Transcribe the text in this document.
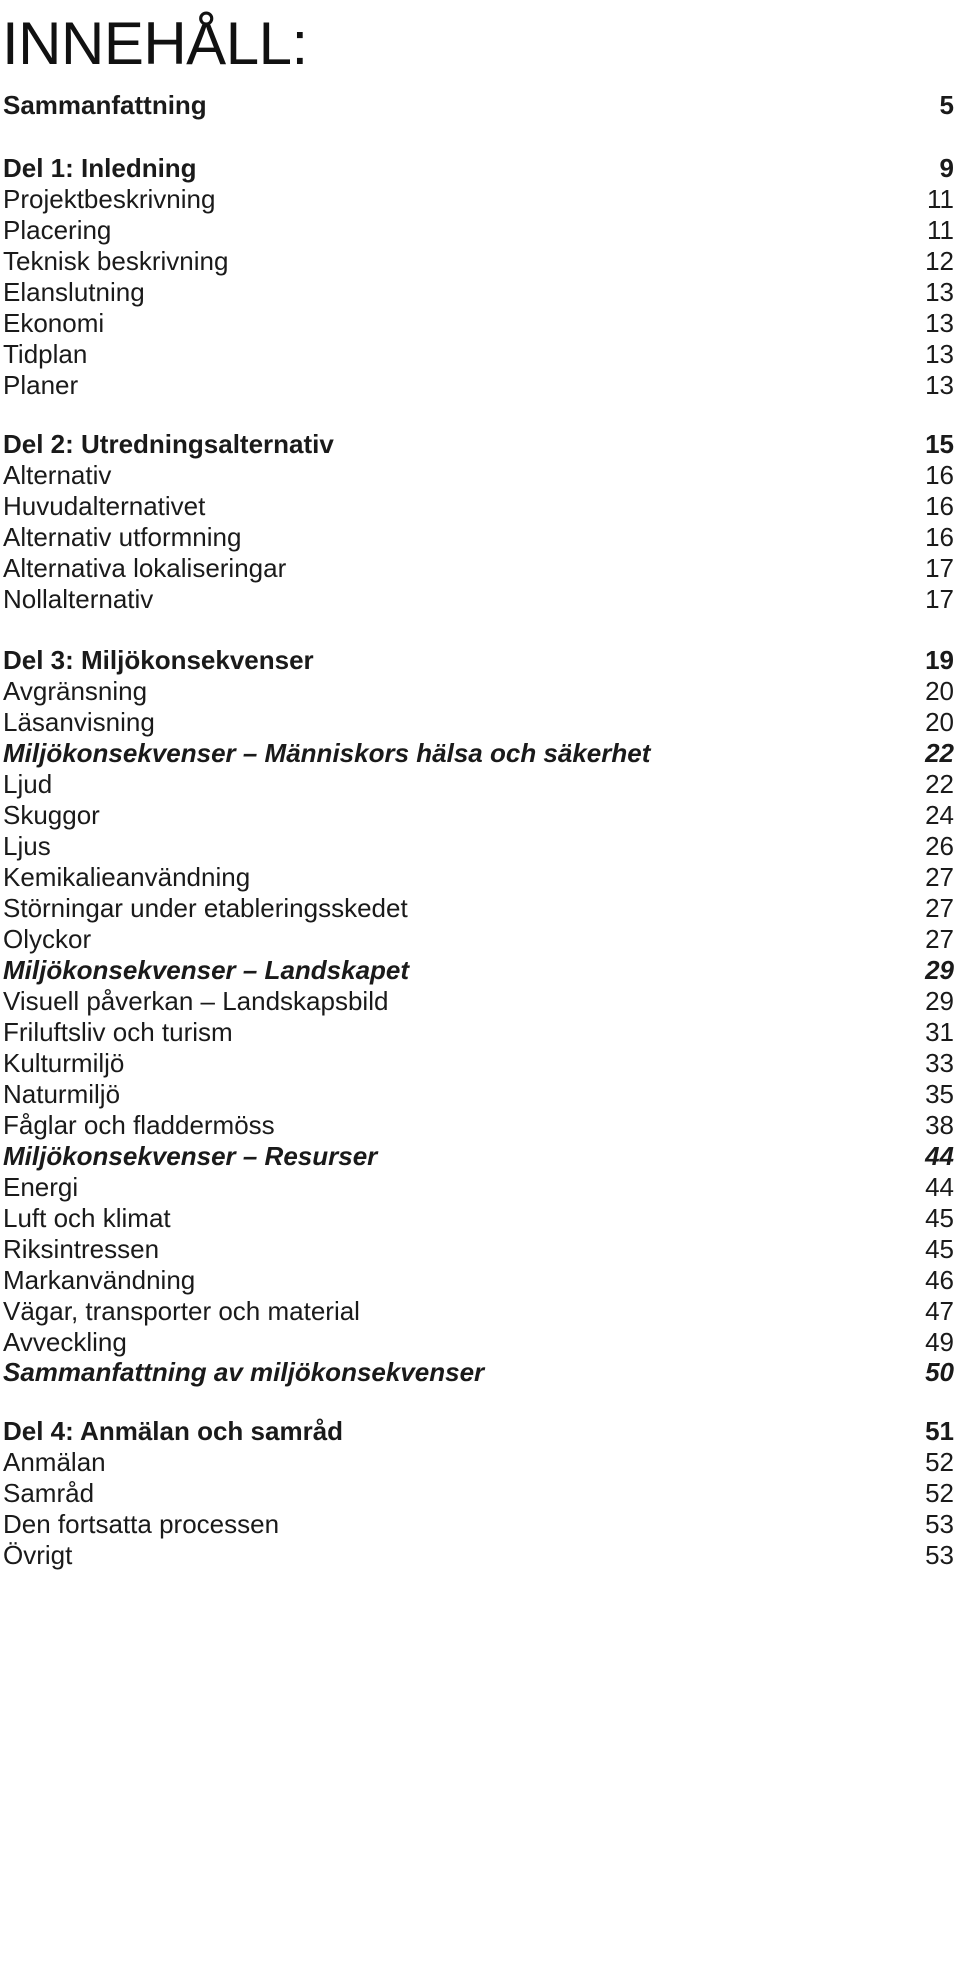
INNEHÅLL:
Sammanfattning	5
Del 1: Inledning	9
Projektbeskrivning	11
Placering	11
Teknisk beskrivning	12
Elanslutning	13
Ekonomi	13
Tidplan	13
Planer	13
Del 2: Utredningsalternativ	15
Alternativ	16
Huvudalternativet	16
Alternativ utformning	16
Alternativa lokaliseringar	17
Nollalternativ	17
Del 3: Miljökonsekvenser	19
Avgränsning	20
Läsanvisning	20
Miljökonsekvenser – Människors hälsa och säkerhet	22
Ljud	22
Skuggor	24
Ljus	26
Kemikalieanvändning	27
Störningar under etableringsskedet	27
Olyckor	27
Miljökonsekvenser – Landskapet	29
Visuell påverkan – Landskapsbild	29
Friluftsliv och turism	31
Kulturmiljö	33
Naturmiljö	35
Fåglar och fladdermöss	38
Miljökonsekvenser – Resurser	44
Energi	44
Luft och klimat	45
Riksintressen	45
Markanvändning	46
Vägar, transporter och material	47
Avveckling	49
Sammanfattning av miljökonsekvenser	50
Del 4: Anmälan och samråd	51
Anmälan	52
Samråd	52
Den fortsatta processen	53
Övrigt	53
